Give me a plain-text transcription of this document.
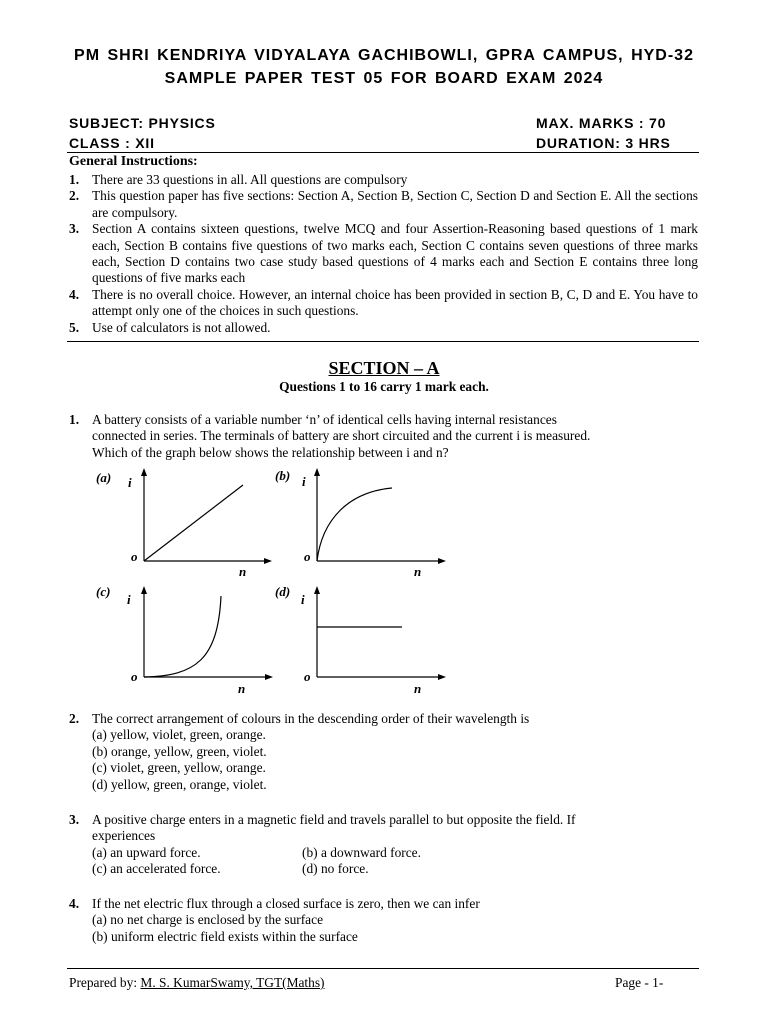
PM SHRI KENDRIYA VIDYALAYA GACHIBOWLI, GPRA CAMPUS, HYD-32
SAMPLE PAPER TEST 05 FOR BOARD EXAM 2024
SUBJECT: PHYSICS	MAX. MARKS : 70
CLASS : XII	DURATION: 3 HRS
General Instructions:
1. There are 33 questions in all. All questions are compulsory
2. This question paper has five sections: Section A, Section B, Section C, Section D and Section E. All the sections are compulsory.
3. Section A contains sixteen questions, twelve MCQ and four Assertion-Reasoning based questions of 1 mark each, Section B contains five questions of two marks each, Section C contains seven questions of three marks each, Section D contains two case study based questions of 4 marks each and Section E contains three long questions of five marks each
4. There is no overall choice. However, an internal choice has been provided in section B, C, D and E. You have to attempt only one of the choices in such questions.
5. Use of calculators is not allowed.
SECTION – A
Questions 1 to 16 carry 1 mark each.
1. A battery consists of a variable number ‘n’ of identical cells having internal resistances
connected in series. The terminals of battery are short circuited and the current i is measured.
Which of the graph below shows the relationship between i and n?
(a) i
o
n
(b) i
o
n
(c)
i
o
n
(d)
i
o
n
2. The correct arrangement of colours in the descending order of their wavelength is
(a) yellow, violet, green, orange.
(b) orange, yellow, green, violet.
(c) violet, green, yellow, orange.
(d) yellow, green, orange, violet.
3. A positive charge enters in a magnetic field and travels parallel to but opposite the field. If
experiences
(a) an upward force.	(b) a downward force.
(c) an accelerated force.	(d) no force.
4. If the net electric flux through a closed surface is zero, then we can infer
(a) no net charge is enclosed by the surface
(b) uniform electric field exists within the surface
Prepared by: M. S. KumarSwamy, TGT(Maths)	Page - 1-
